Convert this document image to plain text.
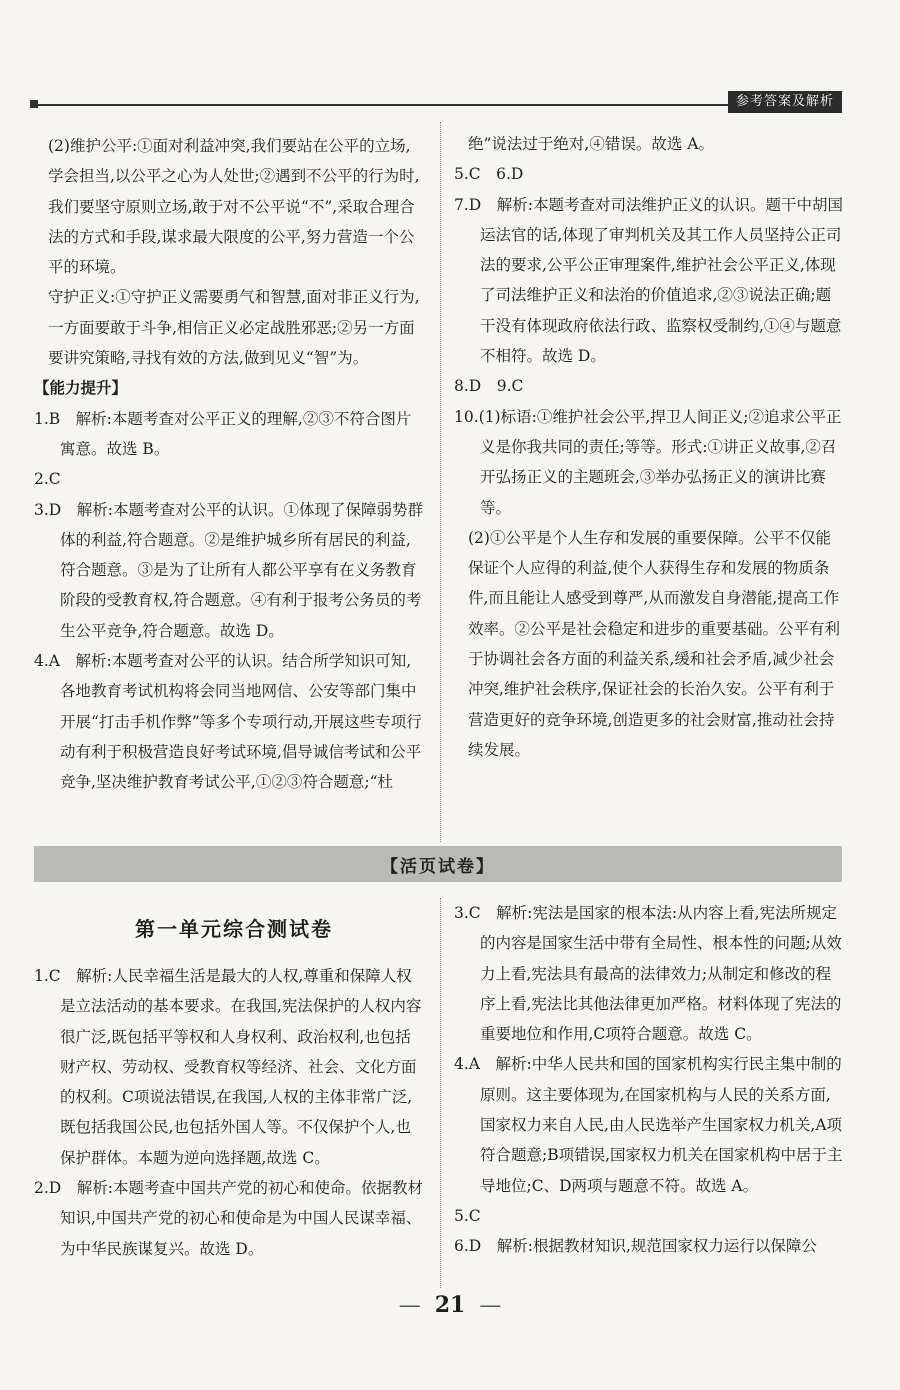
参考答案及解析

(2)维护公平:①面对利益冲突,我们要站在公平的立场,学会担当,以公平之心为人处世;②遇到不公平的行为时,我们要坚守原则立场,敢于对不公平说“不”,采取合理合法的方式和手段,谋求最大限度的公平,努力营造一个公平的环境。

守护正义:①守护正义需要勇气和智慧,面对非正义行为,一方面要敢于斗争,相信正义必定战胜邪恶;②另一方面要讲究策略,寻找有效的方法,做到见义“智”为。

【能力提升】

1.B　解析:本题考查对公平正义的理解,②③不符合图片寓意。故选 B。

2.C

3.D　解析:本题考查对公平的认识。①体现了保障弱势群体的利益,符合题意。②是维护城乡所有居民的利益,符合题意。③是为了让所有人都公平享有在义务教育阶段的受教育权,符合题意。④有利于报考公务员的考生公平竞争,符合题意。故选 D。

4.A　解析:本题考查对公平的认识。结合所学知识可知,各地教育考试机构将会同当地网信、公安等部门集中开展“打击手机作弊”等多个专项行动,开展这些专项行动有利于积极营造良好考试环境,倡导诚信考试和公平竞争,坚决维护教育考试公平,①②③符合题意;“杜

绝”说法过于绝对,④错误。故选 A。

5.C　6.D

7.D　解析:本题考查对司法维护正义的认识。题干中胡国运法官的话,体现了审判机关及其工作人员坚持公正司法的要求,公平公正审理案件,维护社会公平正义,体现了司法维护正义和法治的价值追求,②③说法正确;题干没有体现政府依法行政、监察权受制约,①④与题意不相符。故选 D。

8.D　9.C

10.(1)标语:①维护社会公平,捍卫人间正义;②追求公平正义是你我共同的责任;等等。形式:①讲正义故事,②召开弘扬正义的主题班会,③举办弘扬正义的演讲比赛等。

(2)①公平是个人生存和发展的重要保障。公平不仅能保证个人应得的利益,使个人获得生存和发展的物质条件,而且能让人感受到尊严,从而激发自身潜能,提高工作效率。②公平是社会稳定和进步的重要基础。公平有利于协调社会各方面的利益关系,缓和社会矛盾,减少社会冲突,维护社会秩序,保证社会的长治久安。公平有利于营造更好的竞争环境,创造更多的社会财富,推动社会持续发展。

【活页试卷】
第一单元综合测试卷

1.C　解析:人民幸福生活是最大的人权,尊重和保障人权是立法活动的基本要求。在我国,宪法保护的人权内容很广泛,既包括平等权和人身权利、政治权利,也包括财产权、劳动权、受教育权等经济、社会、文化方面的权利。C项说法错误,在我国,人权的主体非常广泛,既包括我国公民,也包括外国人等。不仅保护个人,也保护群体。本题为逆向选择题,故选 C。

2.D　解析:本题考查中国共产党的初心和使命。依据教材知识,中国共产党的初心和使命是为中国人民谋幸福、为中华民族谋复兴。故选 D。

3.C　解析:宪法是国家的根本法:从内容上看,宪法所规定的内容是国家生活中带有全局性、根本性的问题;从效力上看,宪法具有最高的法律效力;从制定和修改的程序上看,宪法比其他法律更加严格。材料体现了宪法的重要地位和作用,C项符合题意。故选 C。

4.A　解析:中华人民共和国的国家机构实行民主集中制的原则。这主要体现为,在国家机构与人民的关系方面,国家权力来自人民,由人民选举产生国家权力机关,A项符合题意;B项错误,国家权力机关在国家机构中居于主导地位;C、D两项与题意不符。故选 A。

5.C

6.D　解析:根据教材知识,规范国家权力运行以保障公

— 21 —
